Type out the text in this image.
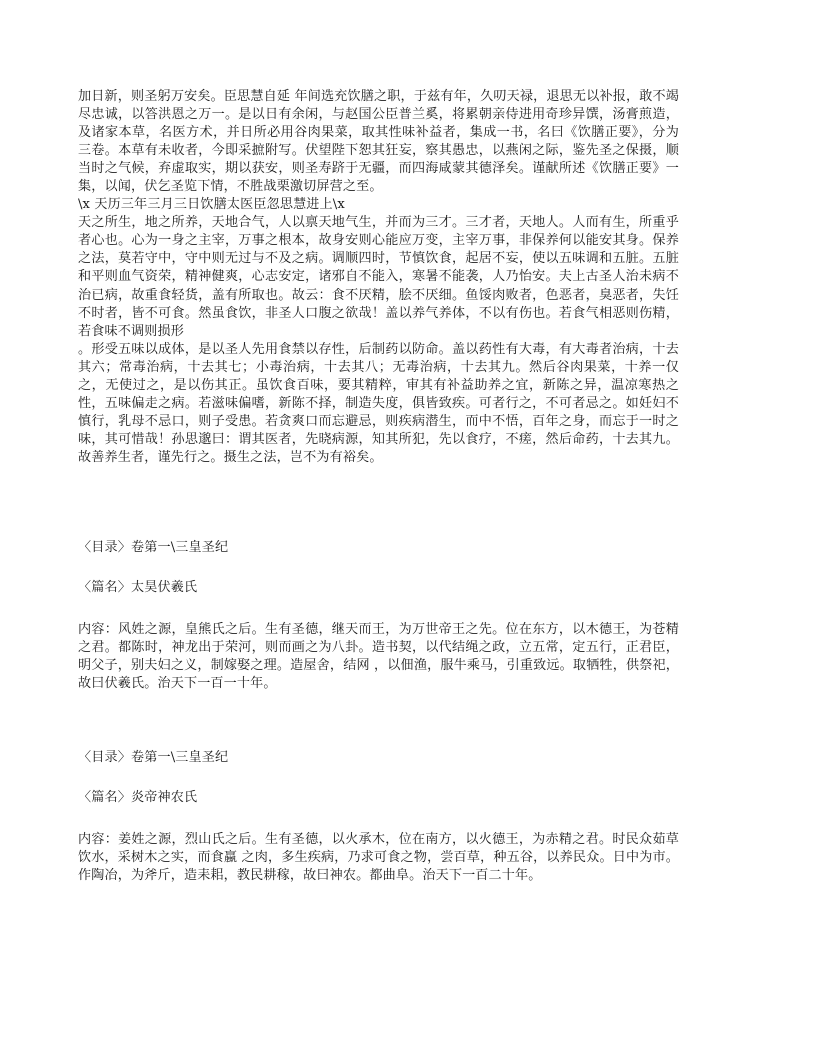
加日新，则圣躬万安矣。臣思慧自延 年间选充饮膳之职，于兹有年，久叨天禄，退思无以补报，敢不竭尽忠诚，以答洪恩之万一。是以日有余闲，与赵国公臣普兰奚，将累朝亲侍进用奇珍异馔，汤膏煎造，及诸家本草，名医方术，并日所必用谷肉果菜，取其性味补益者，集成一书，名曰《饮膳正要》，分为三卷。本草有未收者，今即采摭附写。伏望陛下恕其狂妄，察其愚忠，以燕闲之际，鉴先圣之保摄，顺当时之气候，弃虚取实，期以获安，则圣寿跻于无疆，而四海咸蒙其德泽矣。谨献所述《饮膳正要》一集，以闻，伏乞圣览下情，不胜战栗激切屏营之至。

\x 天历三年三月三日饮膳太医臣忽思慧进上\x

天之所生，地之所养，天地合气，人以禀天地气生，并而为三才。三才者，天地人。人而有生，所重乎者心也。心为一身之主宰，万事之根本，故身安则心能应万变，主宰万事，非保养何以能安其身。保养之法，莫若守中，守中则无过与不及之病。调顺四时，节慎饮食，起居不妄，使以五味调和五脏。五脏和平则血气资荣，精神健爽，心志安定，诸邪自不能入，寒暑不能袭，人乃怡安。夫上古圣人治未病不治已病，故重食轻货，盖有所取也。故云：食不厌精，脍不厌细。鱼馁肉败者，色恶者，臭恶者，失饪不时者，皆不可食。然虽食饮，非圣人口腹之欲哉！盖以养气养体，不以有伤也。若食气相恶则伤精，若食味不调则损形

。形受五味以成体，是以圣人先用食禁以存性，后制药以防命。盖以药性有大毒，有大毒者治病，十去其六；常毒治病，十去其七；小毒治病，十去其八；无毒治病，十去其九。然后谷肉果菜，十养一仅之，无使过之，是以伤其正。虽饮食百味，要其精粹，审其有补益助养之宜，新陈之异，温凉寒热之性，五味偏走之病。若滋味偏嗜，新陈不择，制造失度，俱皆致疾。可者行之，不可者忌之。如妊妇不慎行，乳母不忌口，则子受患。若贪爽口而忘避忌，则疾病潜生，而中不悟，百年之身，而忘于一时之味，其可惜哉！孙思邈曰：谓其医者，先晓病源，知其所犯，先以食疗，不瘥，然后命药，十去其九。故善养生者，谨先行之。摄生之法，岂不为有裕矣。

〈目录〉卷第一\三皇圣纪

〈篇名〉太昊伏羲氏

内容：风姓之源，皇熊氏之后。生有圣德，继天而王，为万世帝王之先。位在东方，以木德王，为苍精之君。都陈时，神龙出于荣河，则而画之为八卦。造书契，以代结绳之政，立五常，定五行，正君臣，明父子，别夫妇之义，制嫁娶之理。造屋舍，结网 ，以佃渔，服牛乘马，引重致远。取牺牲，供祭祀，故曰伏羲氏。治天下一百一十年。

〈目录〉卷第一\三皇圣纪

〈篇名〉炎帝神农氏

内容：姜姓之源，烈山氏之后。生有圣德，以火承木，位在南方，以火德王，为赤精之君。时民众茹草饮水，采树木之实，而食蠃 之肉，多生疾病，乃求可食之物，尝百草，种五谷，以养民众。日中为市。作陶冶，为斧斤，造耒耜，教民耕稼，故曰神农。都曲阜。治天下一百二十年。
